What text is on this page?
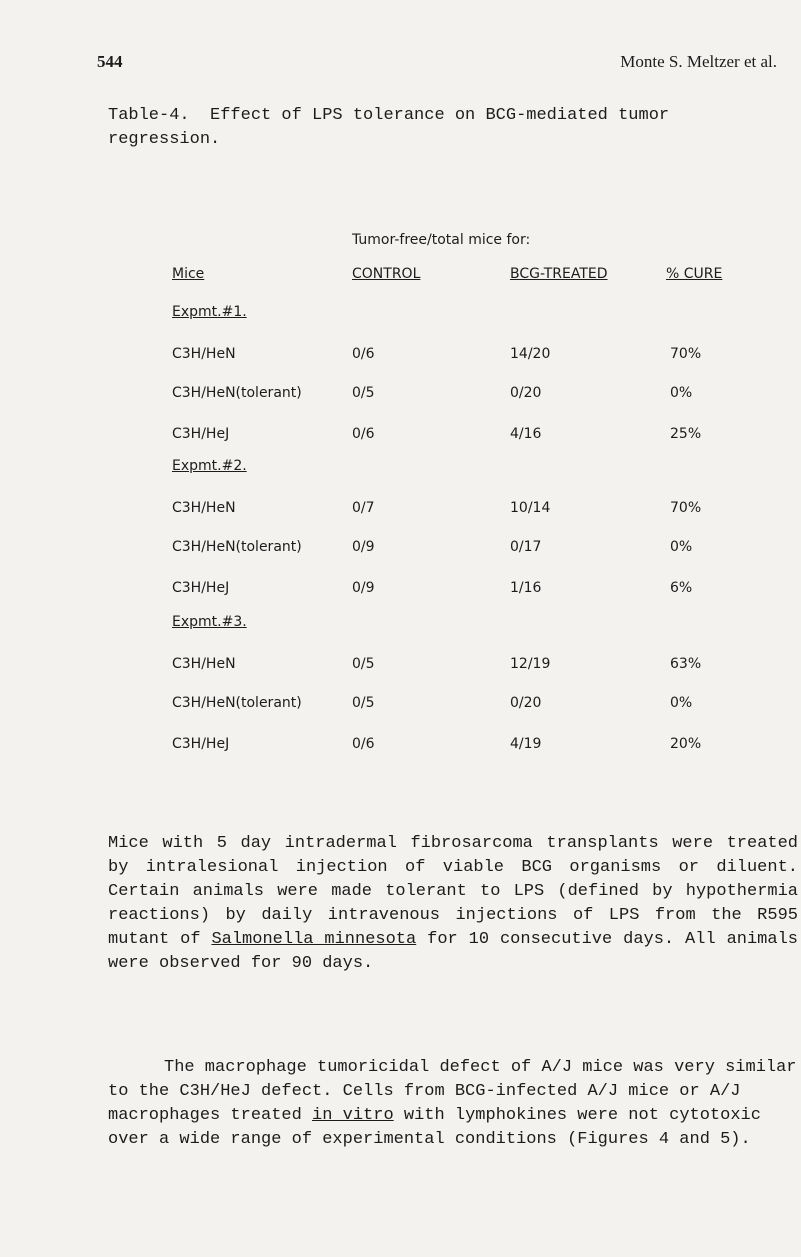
544	Monte S. Meltzer et al.
Table-4.  Effect of LPS tolerance on BCG-mediated tumor regression.
Tumor-free/total mice for:
Mice	CONTROL	BCG-TREATED	% CURE
Expmt.#1.
C3H/HeN	0/6	14/20	70%
C3H/HeN(tolerant)	0/5	0/20	0%
C3H/HeJ	0/6	4/16	25%
Expmt.#2.
C3H/HeN	0/7	10/14	70%
C3H/HeN(tolerant)	0/9	0/17	0%
C3H/HeJ	0/9	1/16	6%
Expmt.#3.
C3H/HeN	0/5	12/19	63%
C3H/HeN(tolerant)	0/5	0/20	0%
C3H/HeJ	0/6	4/19	20%
Mice with 5 day intradermal fibrosarcoma transplants were treated by intralesional injection of viable BCG organisms or diluent. Certain animals were made tolerant to LPS (defined by hypothermia reactions) by daily intravenous injections of LPS from the R595 mutant of Salmonella minnesota for 10 consecutive days. All animals were observed for 90 days.
The macrophage tumoricidal defect of A/J mice was very similar to the C3H/HeJ defect. Cells from BCG-infected A/J mice or A/J macrophages treated in vitro with lymphokines were not cytotoxic over a wide range of experimental conditions (Figures 4 and 5).
